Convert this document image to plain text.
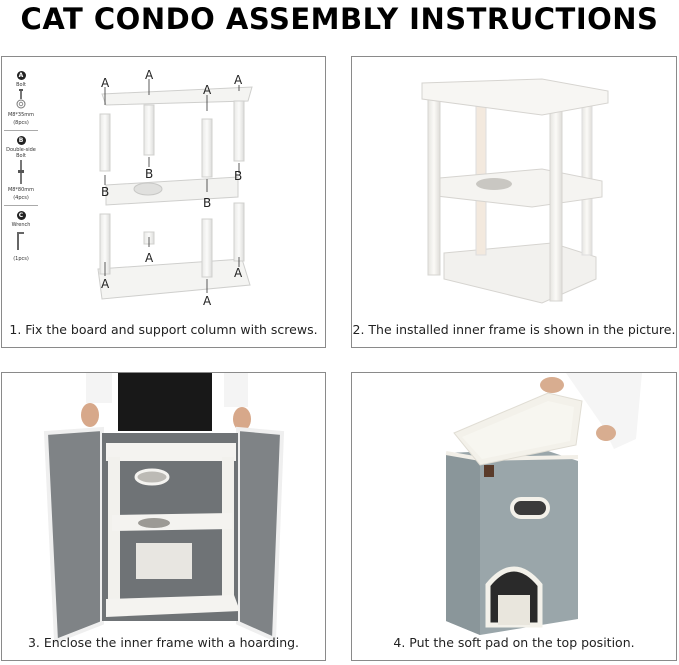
CAT CONDO ASSEMBLY INSTRUCTIONS
A
Bolt
M8*35mm
(8pcs)
B
Double-side Bolt
M8*80mm
(4pcs)
C
Wrench
(1pcs)
A
A
A
A
B
B
B
B
A
A
A
A
1. Fix the board and support column with screws.	2. The installed inner frame is shown in the picture.
3. Enclose the inner frame with a hoarding.	4. Put the soft pad on the top position.
